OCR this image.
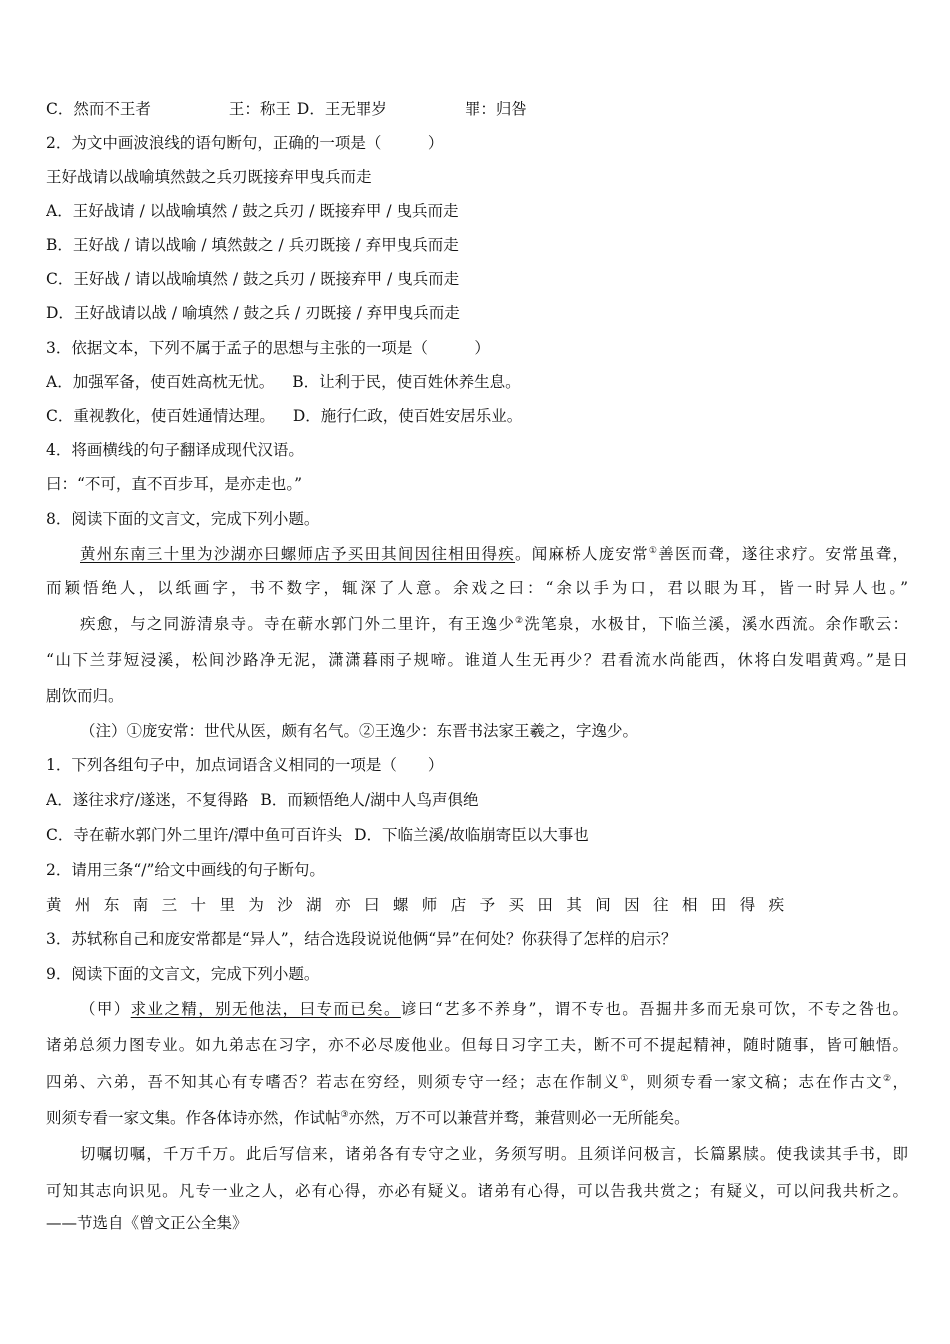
C．然而不王者	王：称王 D．王无罪岁	罪：归咎
2．为文中画波浪线的语句断句，正确的一项是（　　　）
王好战请以战喻填然鼓之兵刃既接弃甲曳兵而走
A．王好战请 / 以战喻填然 / 鼓之兵刃 / 既接弃甲 / 曳兵而走
B．王好战 / 请以战喻 / 填然鼓之 / 兵刃既接 / 弃甲曳兵而走
C．王好战 / 请以战喻填然 / 鼓之兵刃 / 既接弃甲 / 曳兵而走
D．王好战请以战 / 喻填然 / 鼓之兵 / 刃既接 / 弃甲曳兵而走
3．依据文本，下列不属于孟子的思想与主张的一项是（　　　）
A．加强军备，使百姓高枕无忧。 B．让利于民，使百姓休养生息。
C．重视教化，使百姓通情达理。 D．施行仁政，使百姓安居乐业。
4．将画横线的句子翻译成现代汉语。
曰：“不可，直不百步耳，是亦走也。”
8．阅读下面的文言文，完成下列小题。
黄州东南三十里为沙湖亦曰螺师店予买田其间因往相田得疾。闻麻桥人庞安常①善医而聋，遂往求疗。安常虽聋，
而颖悟绝人，以纸画字，书不数字，辄深了人意。余戏之曰：“余以手为口，君以眼为耳，皆一时异人也。”
疾愈，与之同游清泉寺。寺在蕲水郭门外二里许，有王逸少②洗笔泉，水极甘，下临兰溪，溪水西流。余作歌云：
“山下兰芽短浸溪，松间沙路净无泥，潇潇暮雨子规啼。谁道人生无再少？君看流水尚能西，休将白发唱黄鸡。”是日
剧饮而归。
（注）①庞安常：世代从医，颇有名气。②王逸少：东晋书法家王羲之，字逸少。
1．下列各组句子中，加点词语含义相同的一项是（　　）
A．遂往求疗/遂迷，不复得路 B．而颖悟绝人/湖中人鸟声俱绝
C．寺在蕲水郭门外二里许/潭中鱼可百许头 D．下临兰溪/故临崩寄臣以大事也
2．请用三条“/”给文中画线的句子断句。
黄 州 东 南 三 十 里 为 沙 湖 亦 曰 螺 师 店 予 买 田 其 间 因 往 相 田 得 疾
3．苏轼称自己和庞安常都是“异人”，结合选段说说他俩“异”在何处？你获得了怎样的启示？
9．阅读下面的文言文，完成下列小题。
（甲）求业之精，别无他法，曰专而已矣。谚曰“艺多不养身”，谓不专也。吾掘井多而无泉可饮，不专之咎也。
诸弟总须力图专业。如九弟志在习字，亦不必尽废他业。但每日习字工夫，断不可不提起精神，随时随事，皆可触悟。
四弟、六弟，吾不知其心有专嗜否？若志在穷经，则须专守一经；志在作制义①，则须专看一家文稿；志在作古文②，
则须专看一家文集。作各体诗亦然，作试帖③亦然，万不可以兼营并骛，兼营则必一无所能矣。
切嘱切嘱，千万千万。此后写信来，诸弟各有专守之业，务须写明。且须详问极言，长篇累牍。使我读其手书，即
可知其志向识见。凡专一业之人，必有心得，亦必有疑义。诸弟有心得，可以告我共赏之；有疑义，可以问我共析之。
——节选自《曾文正公全集》
